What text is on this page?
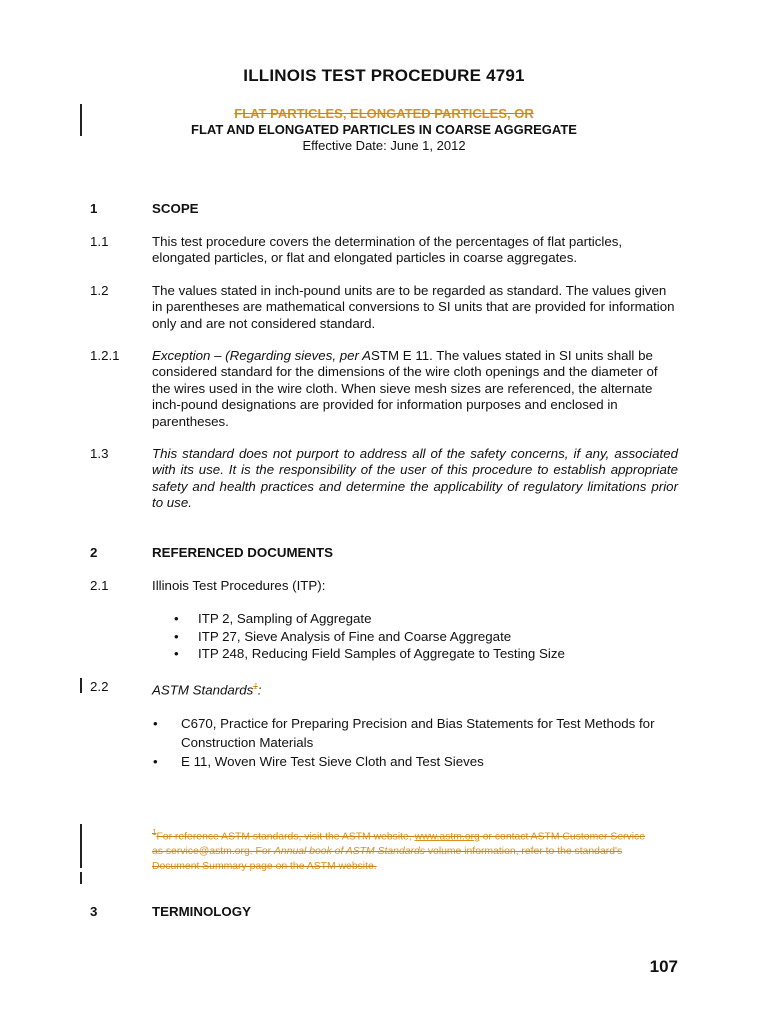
ILLINOIS TEST PROCEDURE 4791
FLAT PARTICLES, ELONGATED PARTICLES, OR
FLAT AND ELONGATED PARTICLES IN COARSE AGGREGATE
Effective Date: June 1, 2012
1	SCOPE
1.1	This test procedure covers the determination of the percentages of flat particles, elongated particles, or flat and elongated particles in coarse aggregates.
1.2	The values stated in inch-pound units are to be regarded as standard. The values given in parentheses are mathematical conversions to SI units that are provided for information only and are not considered standard.
1.2.1 Exception – (Regarding sieves, per ASTM E 11. The values stated in SI units shall be considered standard for the dimensions of the wire cloth openings and the diameter of the wires used in the wire cloth. When sieve mesh sizes are referenced, the alternate inch-pound designations are provided for information purposes and enclosed in parentheses.
1.3	This standard does not purport to address all of the safety concerns, if any, associated with its use. It is the responsibility of the user of this procedure to establish appropriate safety and health practices and determine the applicability of regulatory limitations prior to use.
2	REFERENCED DOCUMENTS
2.1	Illinois Test Procedures (ITP):
• ITP 2, Sampling of Aggregate
• ITP 27, Sieve Analysis of Fine and Coarse Aggregate
• ITP 248, Reducing Field Samples of Aggregate to Testing Size
2.2	ASTM Standards$^1$:
• C670, Practice for Preparing Precision and Bias Statements for Test Methods for Construction Materials
• E 11, Woven Wire Test Sieve Cloth and Test Sieves
$^1$For reference ASTM standards, visit the ASTM website, www.astm.org or contact ASTM Customer Service as service@astm.org. For Annual book of ASTM Standards volume information, refer to the standard's Document Summary page on the ASTM website.
3	TERMINOLOGY
107
